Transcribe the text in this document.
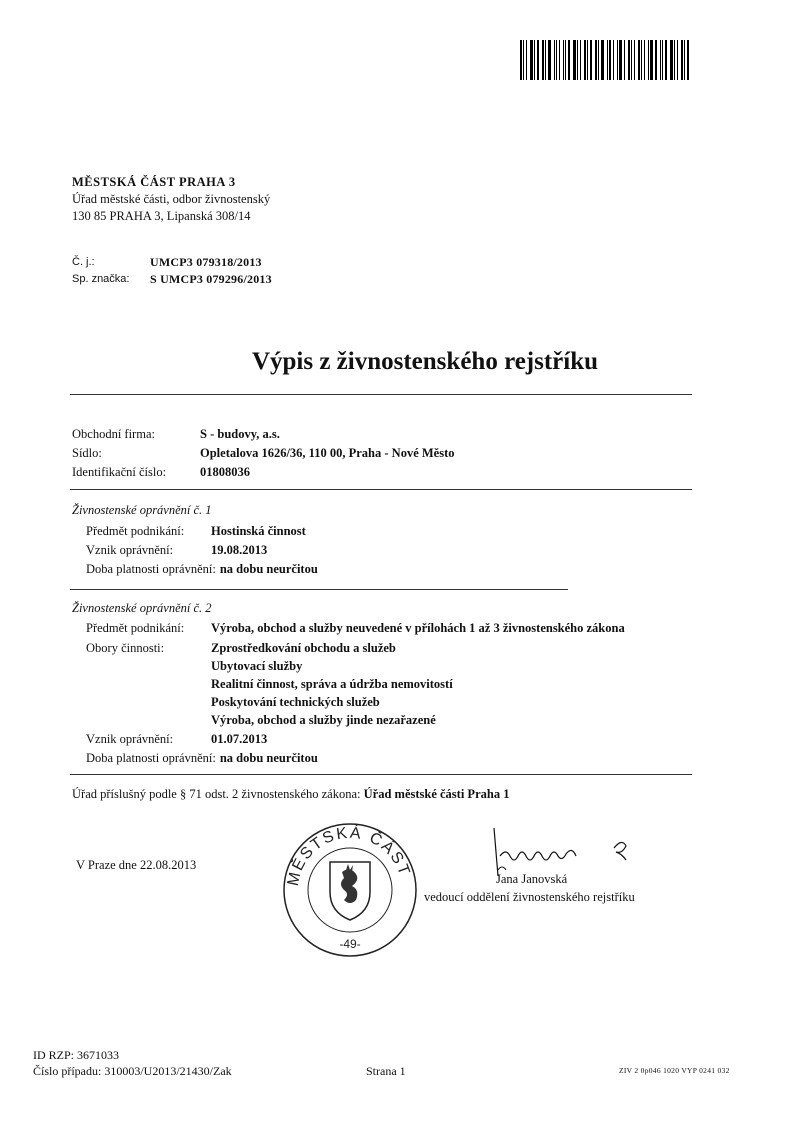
MĚSTSKÁ ČÁST PRAHA 3
Úřad městské části, odbor živnostenský
130 85 PRAHA 3, Lipanská 308/14
Č. j.:	UMCP3 079318/2013
Sp. značka:	S UMCP3 079296/2013
Výpis z živnostenského rejstříku
Obchodní firma:	S - budovy, a.s.
Sídlo:	Opletalova 1626/36, 110 00, Praha - Nové Město
Identifikační číslo:	01808036
Živnostenské oprávnění č. 1
Předmět podnikání:	Hostinská činnost
Vznik oprávnění:	19.08.2013
Doba platnosti oprávnění: na dobu neurčitou
Živnostenské oprávnění č. 2
Předmět podnikání:	Výroba, obchod a služby neuvedené v přílohách 1 až 3 živnostenského zákona
Obory činnosti:	Zprostředkování obchodu a služeb
Ubytovací služby
Realitní činnost, správa a údržba nemovitostí
Poskytování technických služeb
Výroba, obchod a služby jinde nezařazené
Vznik oprávnění:	01.07.2013
Doba platnosti oprávnění: na dobu neurčitou
Úřad příslušný podle § 71 odst. 2 živnostenského zákona: Úřad městské části Praha 1
V Praze dne 22.08.2013
MĚSTSKÁ ČÁST
-49-
Jana Janovská
vedoucí oddělení živnostenského rejstříku
ID RZP: 3671033
Číslo případu: 310003/U2013/21430/Zak	Strana 1	ZIV 2 0p046 1020 VYP 0241 032
